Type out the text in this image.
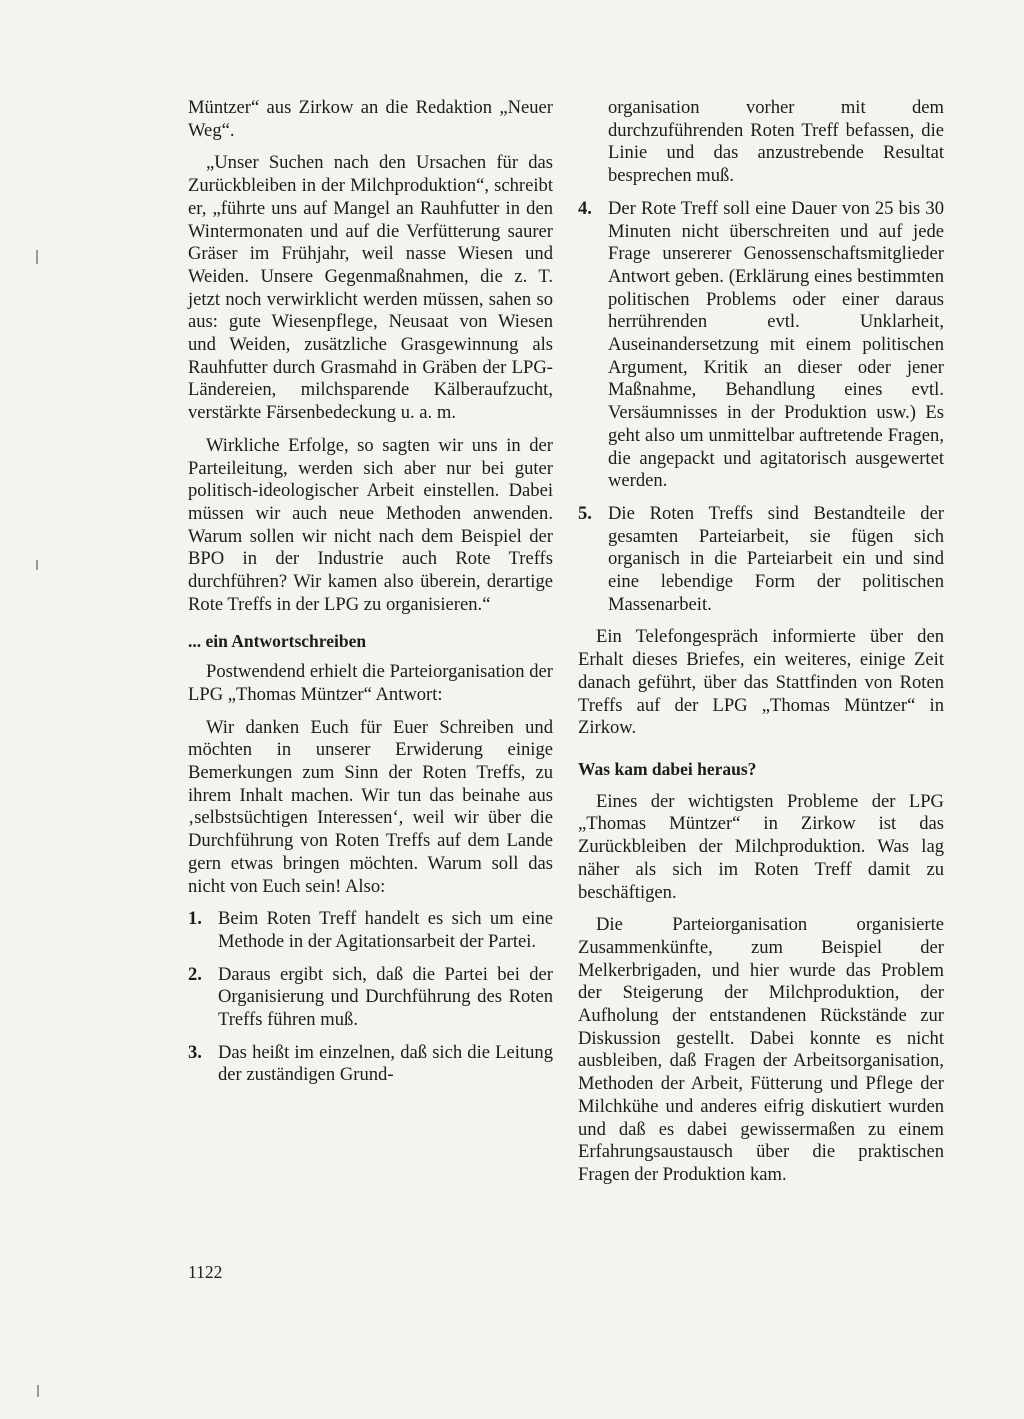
Müntzer“ aus Zirkow an die Redaktion „Neuer Weg“.

„Unser Suchen nach den Ursachen für das Zurückbleiben in der Milchproduktion“, schreibt er, „führte uns auf Mangel an Rauhfutter in den Wintermonaten und auf die Verfütterung saurer Gräser im Frühjahr, weil nasse Wiesen und Weiden. Unsere Gegenmaßnahmen, die z. T. jetzt noch verwirklicht werden müssen, sahen so aus: gute Wiesenpflege, Neusaat von Wiesen und Weiden, zusätzliche Grasgewinnung als Rauhfutter durch Grasmahd in Gräben der LPG-Ländereien, milchsparende Kälberaufzucht, verstärkte Färsenbedeckung u. a. m.

Wirkliche Erfolge, so sagten wir uns in der Parteileitung, werden sich aber nur bei guter politisch-ideologischer Arbeit einstellen. Dabei müssen wir auch neue Methoden anwenden. Warum sollen wir nicht nach dem Beispiel der BPO in der Industrie auch Rote Treffs durchführen? Wir kamen also überein, derartige Rote Treffs in der LPG zu organisieren.“

... ein Antwortschreiben

Postwendend erhielt die Parteiorganisation der LPG „Thomas Müntzer“ Antwort:

Wir danken Euch für Euer Schreiben und möchten in unserer Erwiderung einige Bemerkungen zum Sinn der Roten Treffs, zu ihrem Inhalt machen. Wir tun das beinahe aus ‚selbstsüchtigen Interessen‘, weil wir über die Durchführung von Roten Treffs auf dem Lande gern etwas bringen möchten. Warum soll das nicht von Euch sein! Also:

1. Beim Roten Treff handelt es sich um eine Methode in der Agitationsarbeit der Partei.
2. Daraus ergibt sich, daß die Partei bei der Organisierung und Durchführung des Roten Treffs führen muß.
3. Das heißt im einzelnen, daß sich die Leitung der zuständigen Grund-
organisation vorher mit dem durchzuführenden Roten Treff befassen, die Linie und das anzustrebende Resultat besprechen muß.
4. Der Rote Treff soll eine Dauer von 25 bis 30 Minuten nicht überschreiten und auf jede Frage unsererer Genossenschaftsmitglieder Antwort geben. (Erklärung eines bestimmten politischen Problems oder einer daraus herrührenden evtl. Unklarheit, Auseinandersetzung mit einem politischen Argument, Kritik an dieser oder jener Maßnahme, Behandlung eines evtl. Versäumnisses in der Produktion usw.) Es geht also um unmittelbar auftretende Fragen, die angepackt und agitatorisch ausgewertet werden.
5. Die Roten Treffs sind Bestandteile der gesamten Parteiarbeit, sie fügen sich organisch in die Parteiarbeit ein und sind eine lebendige Form der politischen Massenarbeit.

Ein Telefongespräch informierte über den Erhalt dieses Briefes, ein weiteres, einige Zeit danach geführt, über das Stattfinden von Roten Treffs auf der LPG „Thomas Müntzer“ in Zirkow.

Was kam dabei heraus?

Eines der wichtigsten Probleme der LPG „Thomas Müntzer“ in Zirkow ist das Zurückbleiben der Milchproduktion. Was lag näher als sich im Roten Treff damit zu beschäftigen.

Die Parteiorganisation organisierte Zusammenkünfte, zum Beispiel der Melkerbrigaden, und hier wurde das Problem der Steigerung der Milchproduktion, der Aufholung der entstandenen Rückstände zur Diskussion gestellt. Dabei konnte es nicht ausbleiben, daß Fragen der Arbeitsorganisation, Methoden der Arbeit, Fütterung und Pflege der Milchkühe und anderes eifrig diskutiert wurden und daß es dabei gewissermaßen zu einem Erfahrungsaustausch über die praktischen Fragen der Produktion kam.

1122
